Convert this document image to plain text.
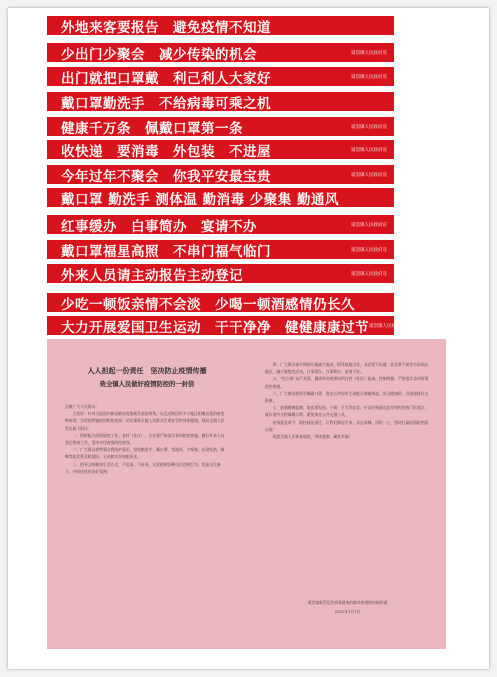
外地来客要报告　避免疫情不知道
少出门少聚会　减少传染的机会	道滘镇人民政府宣
出门就把口罩戴　利己利人大家好	道滘镇人民政府宣
戴口罩勤洗手　不给病毒可乘之机
健康千万条　佩戴口罩第一条	道滘镇人民政府宣
收快递　要消毒　外包装　不进屋	道滘镇人民政府宣
今年过年不聚会　你我平安最宝贵	道滘镇人民政府宣
戴口罩 勤洗手 测体温 勤消毒 少聚集 勤通风
红事缓办　白事简办　宴请不办	道滘镇人民政府宣
戴口罩福星高照　不串门福气临门	道滘镇人民政府宣
外来人员请主动报告主动登记	道滘镇人民政府宣
少吃一顿饭亲情不会淡　少喝一顿酒感情仍长久
大力开展爱国卫生运动　干干净净　健健康康过节 道滘镇人民政府宣
人人担起一份责任　坚决防止疫情传播
致全镇人民做好疫情防控的一封信
全镇广大人民群众：
　　大家好！针对当前国内新冠肺炎疫情新发展的形势，以及近期国外多个地区相继出现的新变种病毒，为巩固我镇疫情防控成果，切实保障全镇人民群众生命安全和身体健康，现向全镇人民发出如下倡议：
　　一、积极配合疫情防控工作。各村（社区）、企业要严格落实各项防控措施，做好外来人员登记排查工作，坚决守住疫情防控底线。
　　二、广大群众要增强自我防护意识，坚持勤洗手、戴口罩、常通风、少聚集，出现发热、咳嗽等症状要及时就医，主动如实告知旅居史。
　　三、倡导文明健康生活方式，不信谣、不传谣，自觉抵制各种违法违规行为，营造全民参与、共同抗疫的良好氛围。
　　四、广大群众春节期间尽量减少流动，倡导就地过年，非必要不出境，非必要不前往中高风险地区，减少聚集性活动，红事缓办、白事简办、宴请不办。
　　五、“红白事”从严从简，确需举办的要向所在村（社区）报备，控制规模，严格落实各项疫情防控措施。
　　六、广大群众要科学佩戴口罩，进出公共场所主动配合测量体温、出示健康码，自觉保持社交距离。
　　七、加强健康监测，如出现发热、干咳、乏力等症状，应及时到就近医疗机构发热门诊就诊，就诊途中全程佩戴口罩，避免乘坐公共交通工具。
　　疫情就是命令，防控就是责任。让我们携起手来，众志成城、团结一心，坚决打赢疫情防控阻击战！
　　祝愿全镇人民新春愉快，身体健康，阖家幸福！
道滘镇新型冠状病毒感染的肺炎疫情防控指挥部
2021年1月7日
